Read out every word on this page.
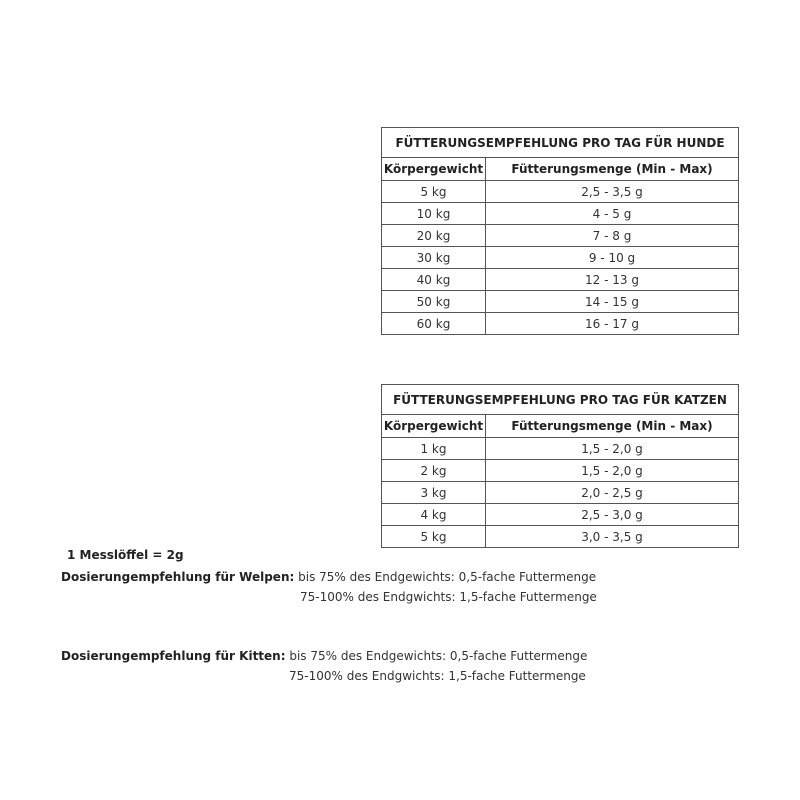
FÜTTERUNGSEMPFEHLUNG PRO TAG FÜR HUNDE	
Körpergewicht	Fütterungsmenge (Min - Max)
5 kg	2,5 - 3,5 g
10 kg	4 - 5 g
20 kg	7 - 8 g
30 kg	9 - 10 g
40 kg	12 - 13 g
50 kg	14 - 15 g
60 kg	16 - 17 g
FÜTTERUNGSEMPFEHLUNG PRO TAG FÜR KATZEN	
Körpergewicht	Fütterungsmenge (Min - Max)
1 kg	1,5 - 2,0 g
2 kg	1,5 - 2,0 g
3 kg	2,0 - 2,5 g
4 kg	2,5 - 3,0 g
5 kg	3,0 - 3,5 g
1 Messlöffel = 2g
Dosierungempfehlung für Welpen: bis 75% des Endgewichts: 0,5-fache Futtermenge
75-100% des Endgwichts: 1,5-fache Futtermenge
Dosierungempfehlung für Kitten: bis 75% des Endgewichts: 0,5-fache Futtermenge
75-100% des Endgwichts: 1,5-fache Futtermenge
